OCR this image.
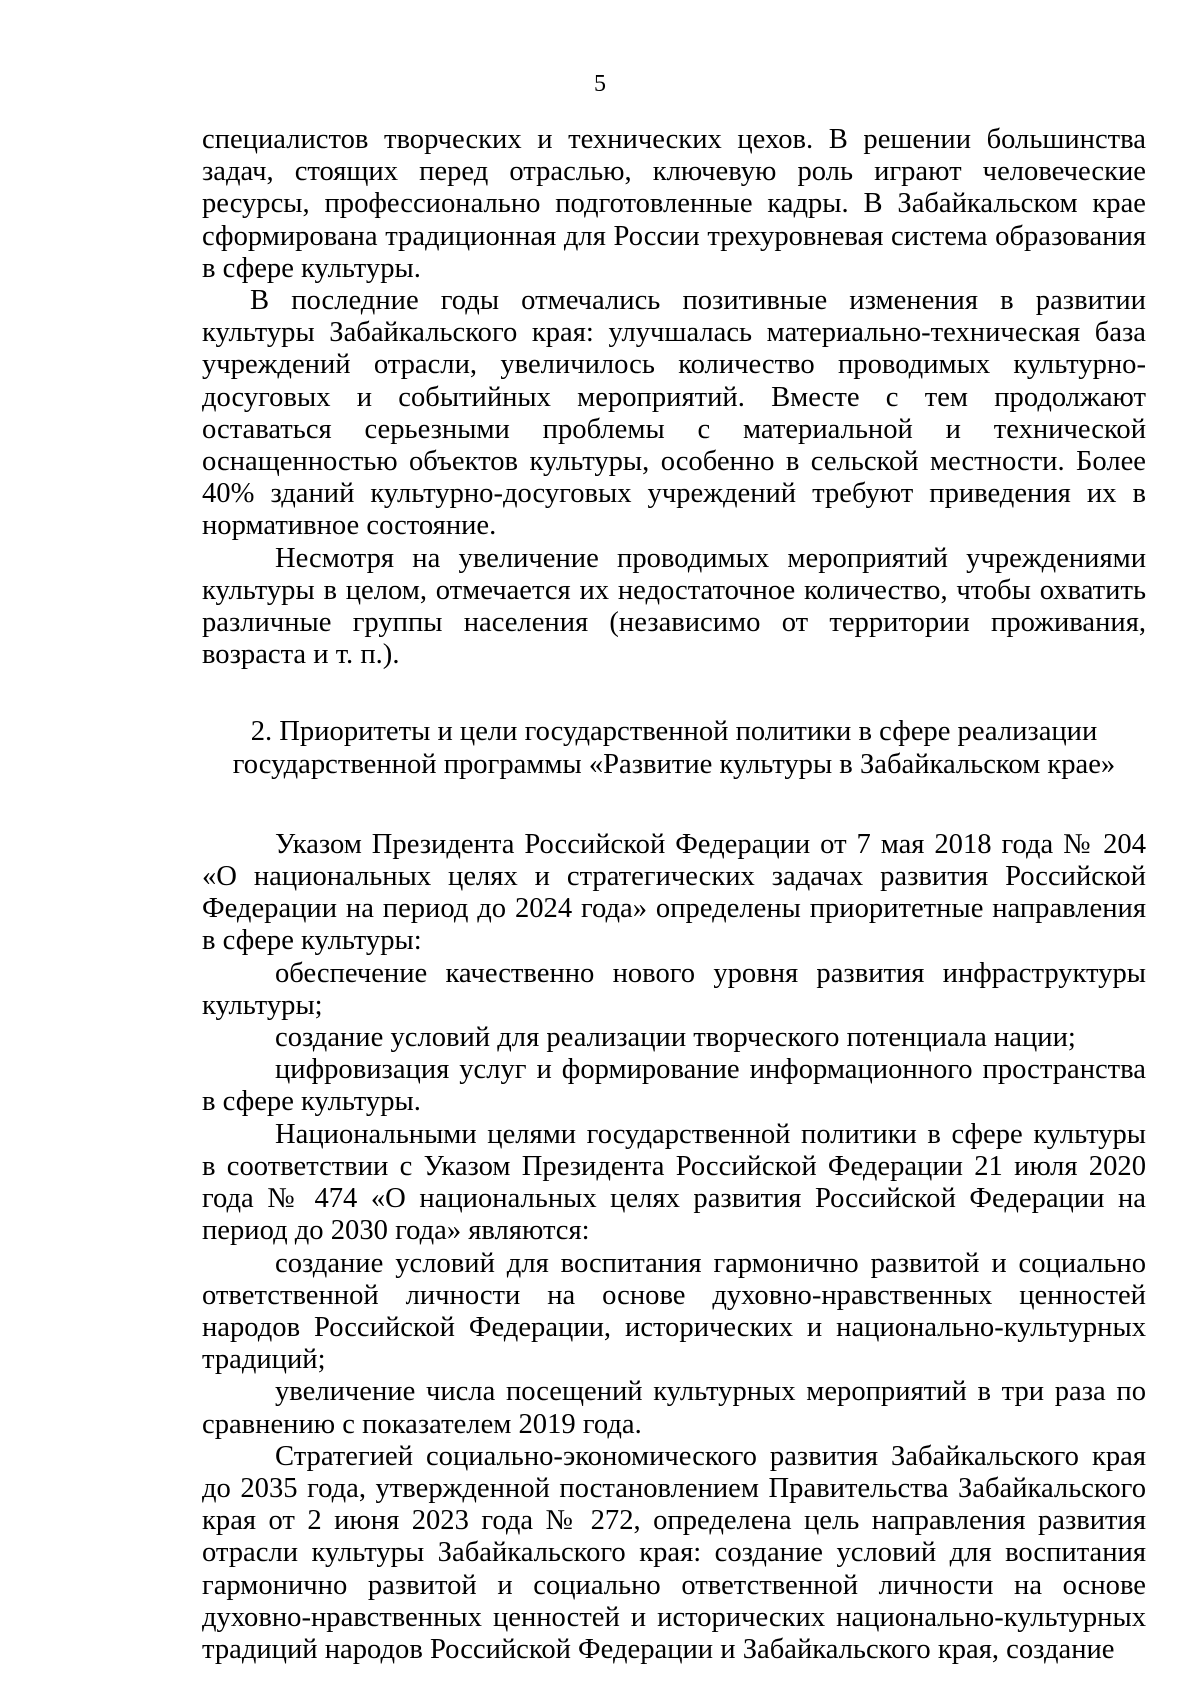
5

специалистов творческих и технических цехов. В решении большинства задач, стоящих перед отраслью, ключевую роль играют человеческие ресурсы, профессионально подготовленные кадры. В Забайкальском крае сформирована традиционная для России трехуровневая система образования в сфере культуры.

В последние годы отмечались позитивные изменения в развитии культуры Забайкальского края: улучшалась материально-техническая база учреждений отрасли, увеличилось количество проводимых культурно-досуговых и событийных мероприятий. Вместе с тем продолжают оставаться серьезными проблемы с материальной и технической оснащенностью объектов культуры, особенно в сельской местности. Более 40% зданий культурно-досуговых учреждений требуют приведения их в нормативное состояние.

Несмотря на увеличение проводимых мероприятий учреждениями культуры в целом, отмечается их недостаточное количество, чтобы охватить различные группы населения (независимо от территории проживания, возраста и т. п.).

2. Приоритеты и цели государственной политики в сфере реализации
государственной программы «Развитие культуры в Забайкальском крае»

Указом Президента Российской Федерации от 7 мая 2018 года № 204 «О национальных целях и стратегических задачах развития Российской Федерации на период до 2024 года» определены приоритетные направления в сфере культуры:

обеспечение качественно нового уровня развития инфраструктуры культуры;

создание условий для реализации творческого потенциала нации;

цифровизация услуг и формирование информационного пространства в сфере культуры.

Национальными целями государственной политики в сфере культуры в соответствии с Указом Президента Российской Федерации 21 июля 2020 года № 474 «О национальных целях развития Российской Федерации на период до 2030 года» являются:

создание условий для воспитания гармонично развитой и социально ответственной личности на основе духовно-нравственных ценностей народов Российской Федерации, исторических и национально-культурных традиций;

увеличение числа посещений культурных мероприятий в три раза по сравнению с показателем 2019 года.

Стратегией социально-экономического развития Забайкальского края до 2035 года, утвержденной постановлением Правительства Забайкальского края от 2 июня 2023 года № 272, определена цель направления развития отрасли культуры Забайкальского края: создание условий для воспитания гармонично развитой и социально ответственной личности на основе духовно-нравственных ценностей и исторических национально-культурных традиций народов Российской Федерации и Забайкальского края, создание
